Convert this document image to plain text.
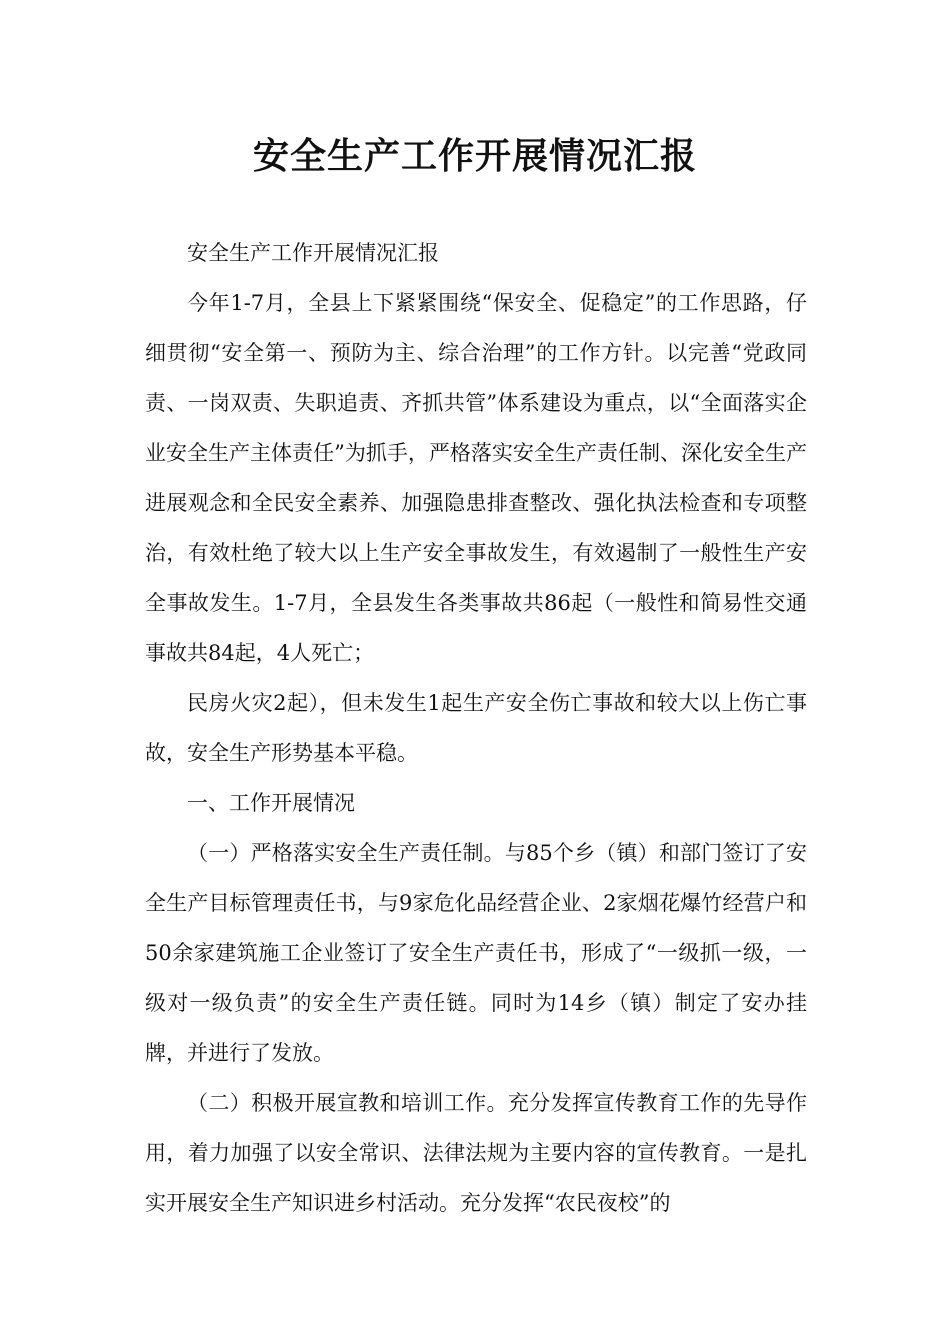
安全生产工作开展情况汇报

安全生产工作开展情况汇报

今年1-7月，全县上下紧紧围绕“保安全、促稳定”的工作思路，仔细贯彻“安全第一、预防为主、综合治理”的工作方针。以完善“党政同责、一岗双责、失职追责、齐抓共管”体系建设为重点，以“全面落实企业安全生产主体责任”为抓手，严格落实安全生产责任制、深化安全生产进展观念和全民安全素养、加强隐患排查整改、强化执法检查和专项整治，有效杜绝了较大以上生产安全事故发生，有效遏制了一般性生产安全事故发生。1-7月，全县发生各类事故共86起（一般性和简易性交通事故共84起，4人死亡；

民房火灾2起），但未发生1起生产安全伤亡事故和较大以上伤亡事故，安全生产形势基本平稳。

一、工作开展情况

（一）严格落实安全生产责任制。与85个乡（镇）和部门签订了安全生产目标管理责任书，与9家危化品经营企业、2家烟花爆竹经营户和50余家建筑施工企业签订了安全生产责任书，形成了“一级抓一级，一级对一级负责”的安全生产责任链。同时为14乡（镇）制定了安办挂牌，并进行了发放。

（二）积极开展宣教和培训工作。充分发挥宣传教育工作的先导作用，着力加强了以安全常识、法律法规为主要内容的宣传教育。一是扎实开展安全生产知识进乡村活动。充分发挥“农民夜校”的
